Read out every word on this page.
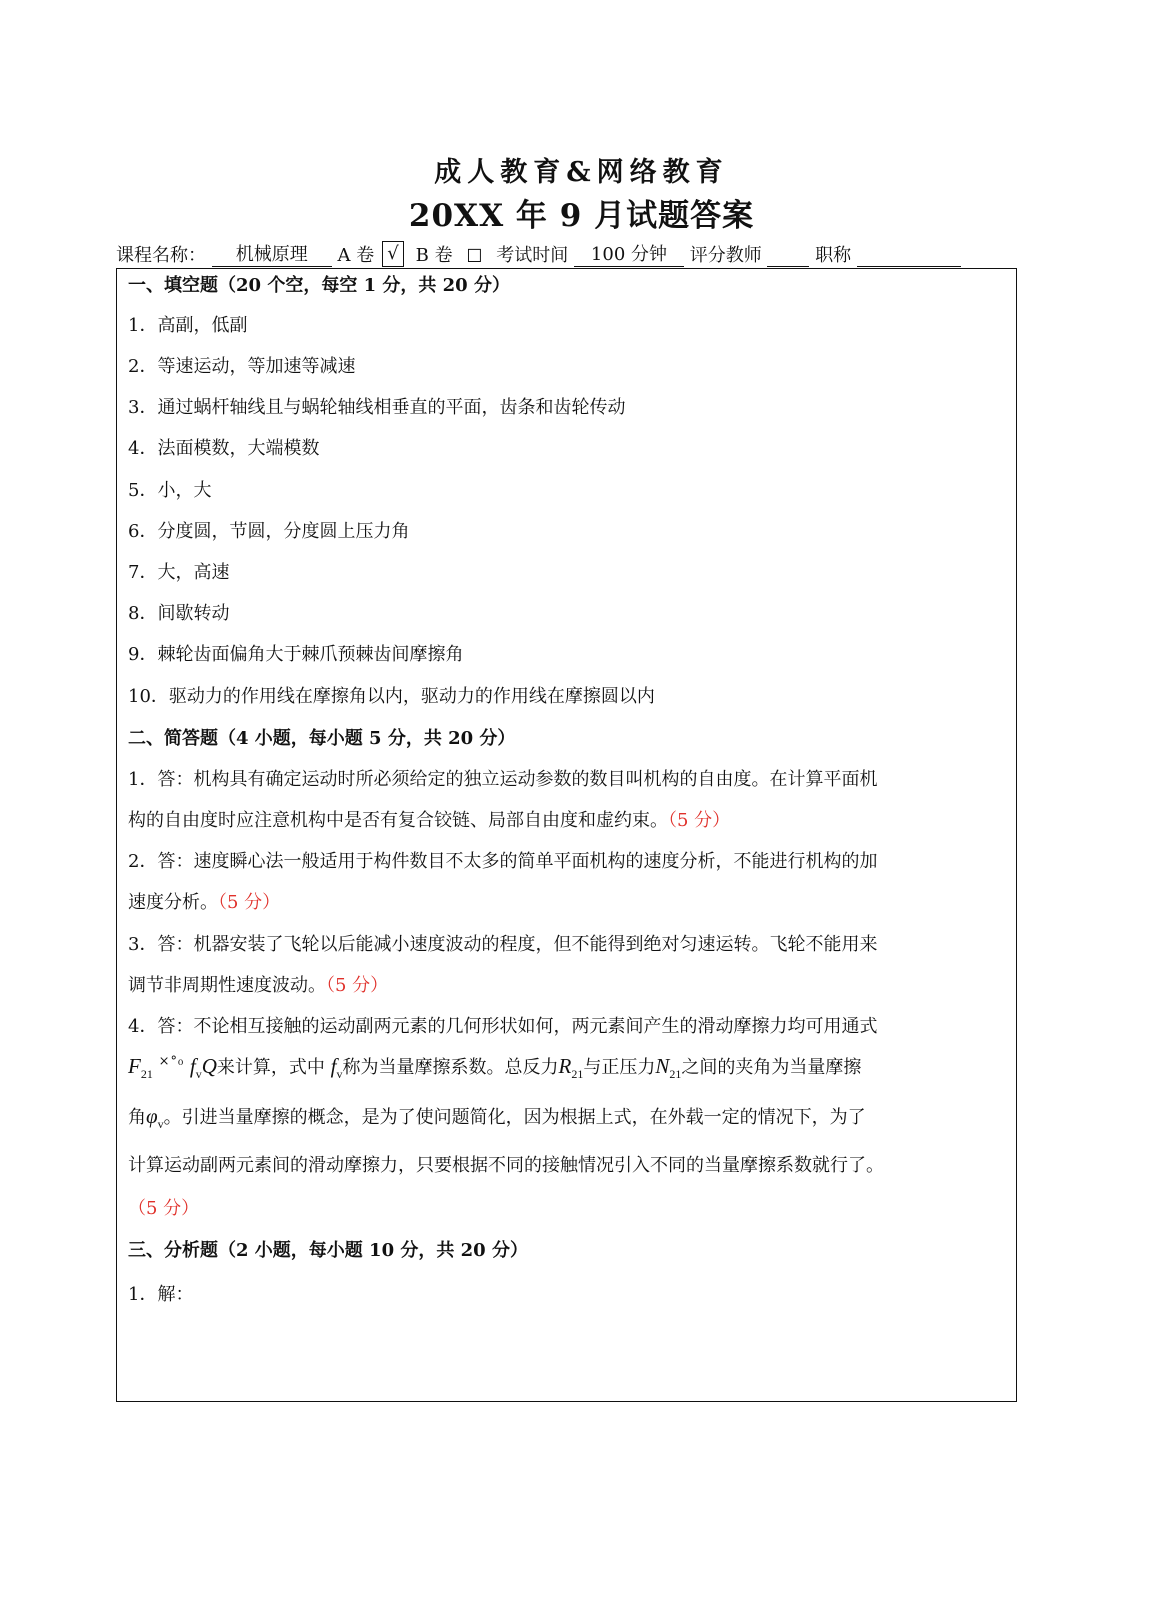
成人教育&网络教育
20XX 年 9 月试题答案
课程名称： 机械原理 A 卷 √ B 卷 ☐ 考试时间 100 分钟 评分教师	职称
一、填空题（20 个空，每空 1 分，共 20 分）
1．高副，低副
2．等速运动，等加速等减速
3．通过蜗杆轴线且与蜗轮轴线相垂直的平面，齿条和齿轮传动
4．法面模数，大端模数
5．小，大
6．分度圆，节圆，分度圆上压力角
7．大，高速
8．间歇转动
9．棘轮齿面偏角大于棘爪预棘齿间摩擦角
10．驱动力的作用线在摩擦角以内，驱动力的作用线在摩擦圆以内
二、简答题（4 小题，每小题 5 分，共 20 分）
1．答：机构具有确定运动时所必须给定的独立运动参数的数目叫机构的自由度。在计算平面机
构的自由度时应注意机构中是否有复合铰链、局部自由度和虚约束。（5 分）
2．答：速度瞬心法一般适用于构件数目不太多的简单平面机构的速度分析，不能进行机构的加
速度分析。（5 分）
3．答：机器安装了飞轮以后能减小速度波动的程度，但不能得到绝对匀速运转。飞轮不能用来
调节非周期性速度波动。（5 分）
4．答：不论相互接触的运动副两元素的几何形状如何，两元素间产生的滑动摩擦力均可用通式
$F_{21}$ $^{\times^\circ_0}$ $f_vQ$来计算，式中 $f_v$称为当量摩擦系数。总反力$R_{21}$与正压力$N_{21}$之间的夹角为当量摩擦
角$\varphi_v$。引进当量摩擦的概念，是为了使问题简化，因为根据上式，在外载一定的情况下，为了
计算运动副两元素间的滑动摩擦力，只要根据不同的接触情况引入不同的当量摩擦系数就行了。
（5 分）
三、分析题（2 小题，每小题 10 分，共 20 分）
1．解：
